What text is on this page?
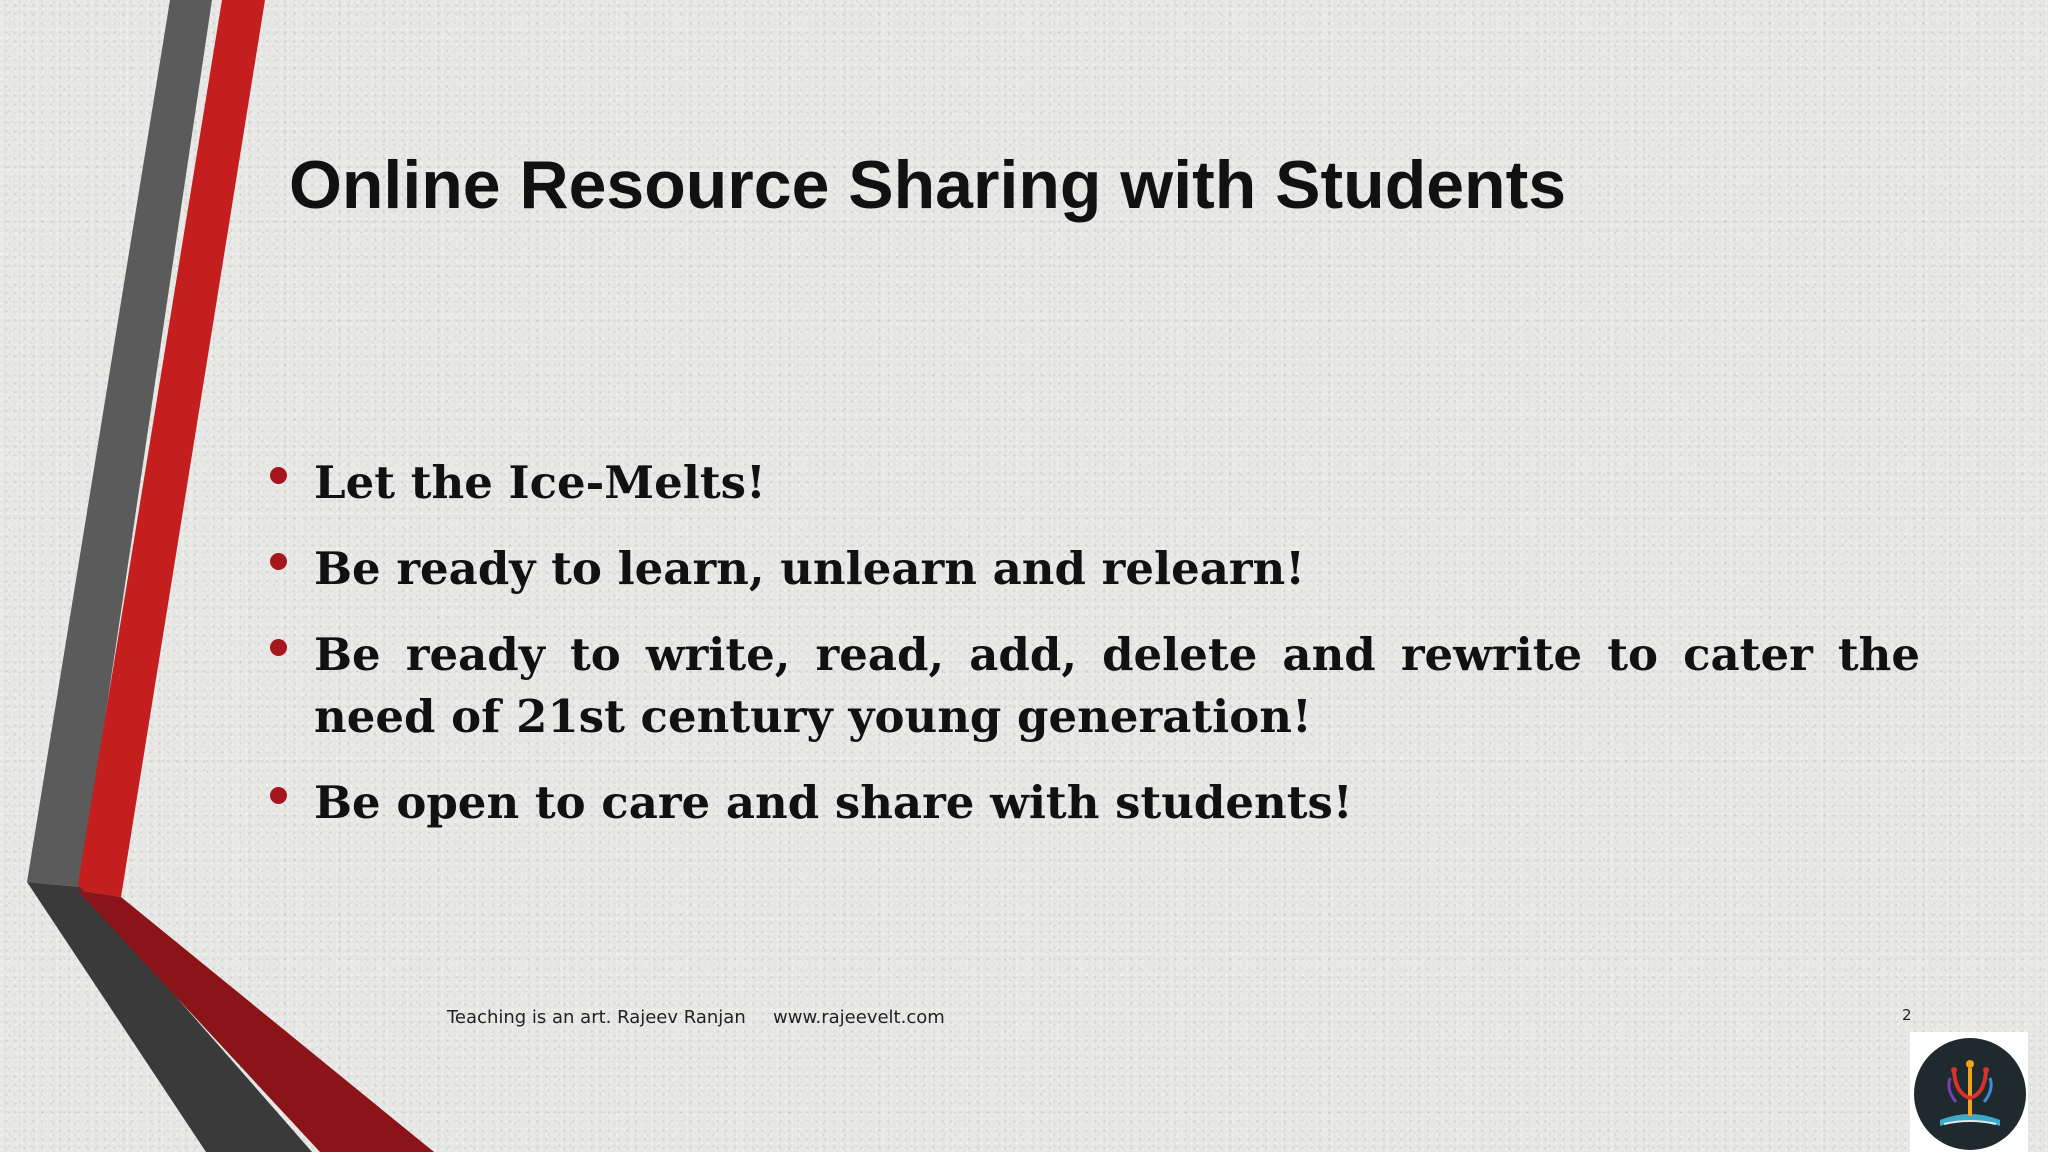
Online Resource Sharing with Students
Let the Ice-Melts!
Be ready to learn, unlearn and relearn!
Be ready to write, read, add, delete and rewrite to cater the need of 21st century young generation!
Be open to care and share with students!
Teaching is an art. Rajeev Ranjan www.rajeevelt.com	2
